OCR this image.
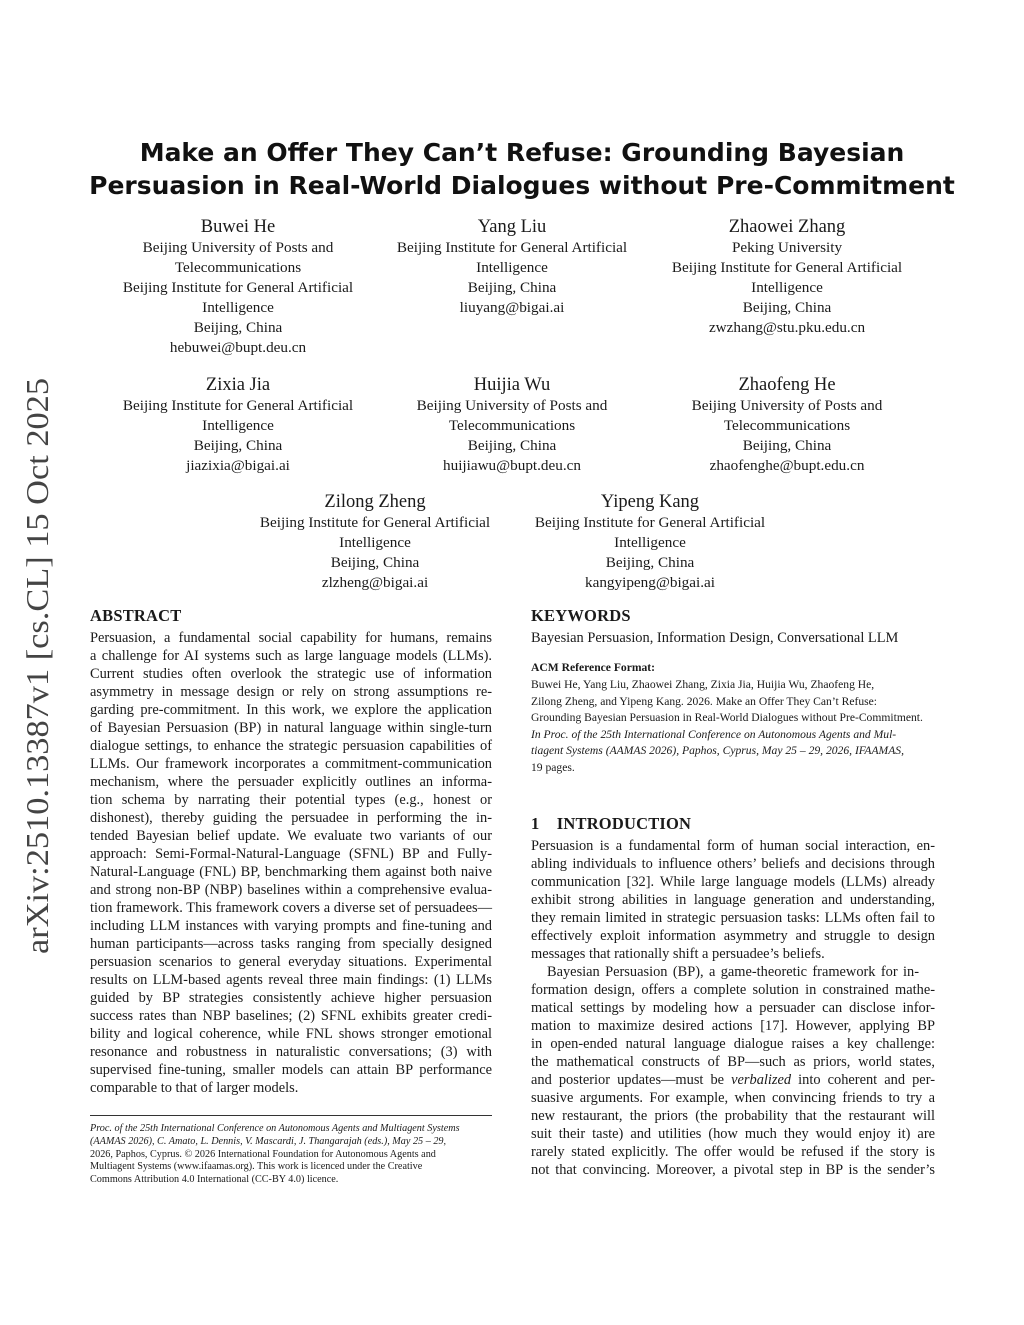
arXiv:2510.13387v1 [cs.CL] 15 Oct 2025
Make an Offer They Can’t Refuse: Grounding Bayesian
Persuasion in Real-World Dialogues without Pre-Commitment
Buwei He
Beijing University of Posts and
Telecommunications
Beijing Institute for General Artificial
Intelligence
Beijing, China
hebuwei@bupt.deu.cn
Yang Liu
Beijing Institute for General Artificial
Intelligence
Beijing, China
liuyang@bigai.ai
Zhaowei Zhang
Peking University
Beijing Institute for General Artificial
Intelligence
Beijing, China
zwzhang@stu.pku.edu.cn
Zixia Jia
Beijing Institute for General Artificial
Intelligence
Beijing, China
jiazixia@bigai.ai
Huijia Wu
Beijing University of Posts and
Telecommunications
Beijing, China
huijiawu@bupt.deu.cn
Zhaofeng He
Beijing University of Posts and
Telecommunications
Beijing, China
zhaofenghe@bupt.edu.cn
Zilong Zheng
Beijing Institute for General Artificial
Intelligence
Beijing, China
zlzheng@bigai.ai
Yipeng Kang
Beijing Institute for General Artificial
Intelligence
Beijing, China
kangyipeng@bigai.ai
ABSTRACT
Persuasion, a fundamental social capability for humans, remains
a challenge for AI systems such as large language models (LLMs).
Current studies often overlook the strategic use of information
asymmetry in message design or rely on strong assumptions re-
garding pre-commitment. In this work, we explore the application
of Bayesian Persuasion (BP) in natural language within single-turn
dialogue settings, to enhance the strategic persuasion capabilities of
LLMs. Our framework incorporates a commitment-communication
mechanism, where the persuader explicitly outlines an informa-
tion schema by narrating their potential types (e.g., honest or
dishonest), thereby guiding the persuadee in performing the in-
tended Bayesian belief update. We evaluate two variants of our
approach: Semi-Formal-Natural-Language (SFNL) BP and Fully-
Natural-Language (FNL) BP, benchmarking them against both naive
and strong non-BP (NBP) baselines within a comprehensive evalua-
tion framework. This framework covers a diverse set of persuadees—
including LLM instances with varying prompts and fine-tuning and
human participants—across tasks ranging from specially designed
persuasion scenarios to general everyday situations. Experimental
results on LLM-based agents reveal three main findings: (1) LLMs
guided by BP strategies consistently achieve higher persuasion
success rates than NBP baselines; (2) SFNL exhibits greater credi-
bility and logical coherence, while FNL shows stronger emotional
resonance and robustness in naturalistic conversations; (3) with
supervised fine-tuning, smaller models can attain BP performance
comparable to that of larger models.
Proc. of the 25th International Conference on Autonomous Agents and Multiagent Systems
(AAMAS 2026), C. Amato, L. Dennis, V. Mascardi, J. Thangarajah (eds.), May 25 – 29,
2026, Paphos, Cyprus. © 2026 International Foundation for Autonomous Agents and
Multiagent Systems (www.ifaamas.org). This work is licenced under the Creative
Commons Attribution 4.0 International (CC-BY 4.0) licence.
KEYWORDS
Bayesian Persuasion, Information Design, Conversational LLM
ACM Reference Format:
Buwei He, Yang Liu, Zhaowei Zhang, Zixia Jia, Huijia Wu, Zhaofeng He,
Zilong Zheng, and Yipeng Kang. 2026. Make an Offer They Can’t Refuse:
Grounding Bayesian Persuasion in Real-World Dialogues without Pre-Commitment.
In Proc. of the 25th International Conference on Autonomous Agents and Mul-
tiagent Systems (AAMAS 2026), Paphos, Cyprus, May 25 – 29, 2026, IFAAMAS,
19 pages.
1    INTRODUCTION
Persuasion is a fundamental form of human social interaction, en-
abling individuals to influence others’ beliefs and decisions through
communication [32]. While large language models (LLMs) already
exhibit strong abilities in language generation and understanding,
they remain limited in strategic persuasion tasks: LLMs often fail to
effectively exploit information asymmetry and struggle to design
messages that rationally shift a persuadee’s beliefs.
Bayesian Persuasion (BP), a game-theoretic framework for in-
formation design, offers a complete solution in constrained mathe-
matical settings by modeling how a persuader can disclose infor-
mation to maximize desired actions [17]. However, applying BP
in open-ended natural language dialogue raises a key challenge:
the mathematical constructs of BP—such as priors, world states,
and posterior updates—must be verbalized into coherent and per-
suasive arguments. For example, when convincing friends to try a
new restaurant, the priors (the probability that the restaurant will
suit their taste) and utilities (how much they would enjoy it) are
rarely stated explicitly. The offer would be refused if the story is
not that convincing. Moreover, a pivotal step in BP is the sender’s
